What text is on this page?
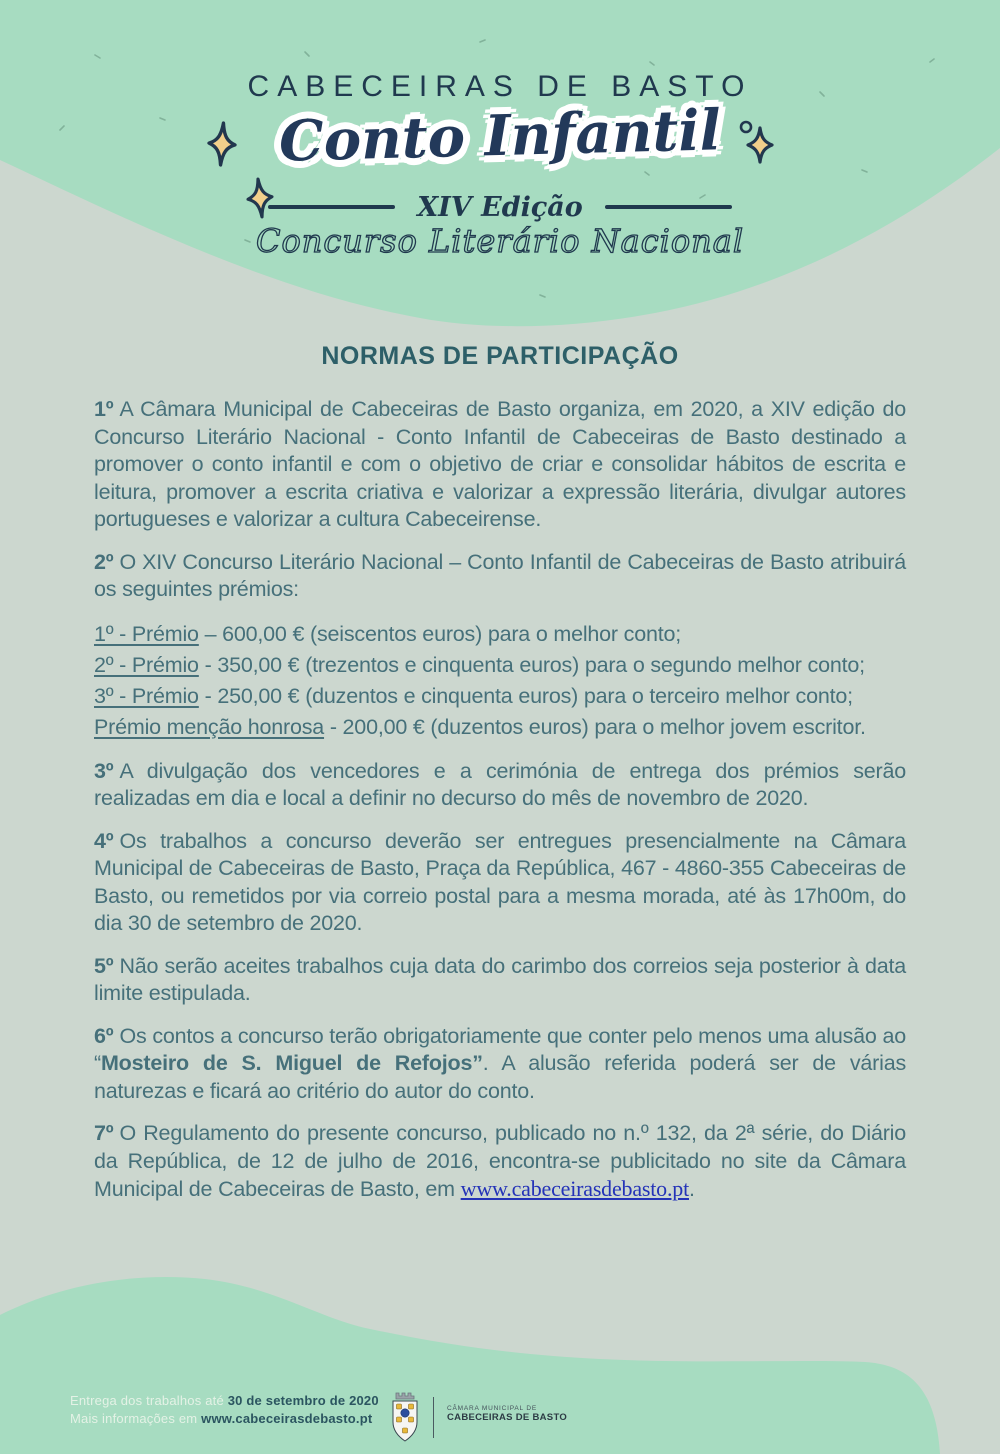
CABECEIRAS DE BASTO
Conto Infantil
XIV Edição
Concurso Literário Nacional
NORMAS DE PARTICIPAÇÃO

1º A Câmara Municipal de Cabeceiras de Basto organiza, em 2020, a XIV edição do Concurso Literário Nacional - Conto Infantil de Cabeceiras de Basto destinado a promover o conto infantil e com o objetivo de criar e consolidar hábitos de escrita e leitura, promover a escrita criativa e valorizar a expressão literária, divulgar autores portugueses e valorizar a cultura Cabeceirense.

2º O XIV Concurso Literário Nacional – Conto Infantil de Cabeceiras de Basto atribuirá os seguintes prémios:

1º - Prémio – 600,00 € (seiscentos euros) para o melhor conto;
2º - Prémio - 350,00 € (trezentos e cinquenta euros) para o segundo melhor conto;
3º - Prémio - 250,00 € (duzentos e cinquenta euros) para o terceiro melhor conto;
Prémio menção honrosa - 200,00 € (duzentos euros) para o melhor jovem escritor.

3º A divulgação dos vencedores e a cerimónia de entrega dos prémios serão realizadas em dia e local a definir no decurso do mês de novembro de 2020.

4º Os trabalhos a concurso deverão ser entregues presencialmente na Câmara Municipal de Cabeceiras de Basto, Praça da República, 467 - 4860-355 Cabeceiras de Basto, ou remetidos por via correio postal para a mesma morada, até às 17h00m, do dia 30 de setembro de 2020.

5º Não serão aceites trabalhos cuja data do carimbo dos correios seja posterior à data limite estipulada.

6º Os contos a concurso terão obrigatoriamente que conter pelo menos uma alusão ao “Mosteiro de S. Miguel de Refojos”. A alusão referida poderá ser de várias naturezas e ficará ao critério do autor do conto.

7º O Regulamento do presente concurso, publicado no n.º 132, da 2ª série, do Diário da República, de 12 de julho de 2016, encontra-se publicitado no site da Câmara Municipal de Cabeceiras de Basto, em www.cabeceirasdebasto.pt.

Entrega dos trabalhos até 30 de setembro de 2020
Mais informações em www.cabeceirasdebasto.pt
CÂMARA MUNICIPAL DE
CABECEIRAS DE BASTO
